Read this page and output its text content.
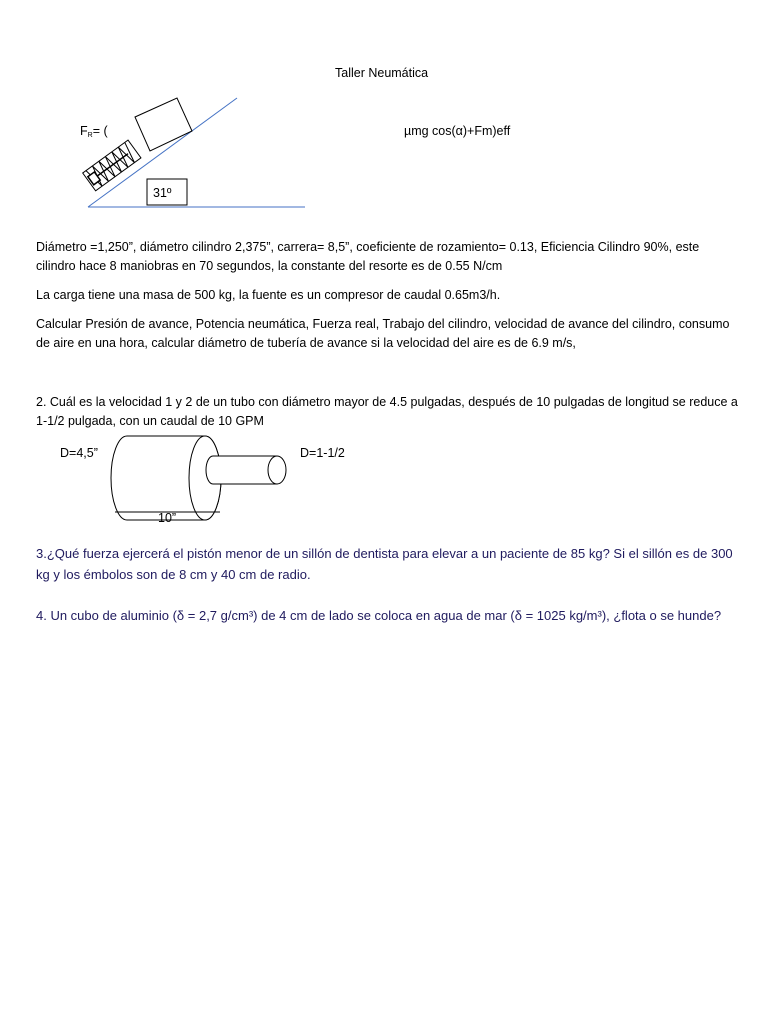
Taller Neumática
31º
$F_R=$ (	µmg cos(α)+Fm)eff
Diámetro =1,250”, diámetro cilindro 2,375”, carrera= 8,5”, coeficiente de rozamiento= 0.13, Eficiencia Cilindro 90%, este cilindro hace 8 maniobras en 70 segundos, la constante del resorte es de 0.55 N/cm
La carga tiene una masa de 500 kg, la fuente es un compresor de caudal 0.65m3/h.
Calcular Presión de avance, Potencia neumática, Fuerza real, Trabajo del cilindro, velocidad de avance del cilindro, consumo de aire en una hora, calcular diámetro de tubería de avance si la velocidad del aire es de 6.9 m/s,
2. Cuál es la velocidad 1 y 2 de un tubo con diámetro mayor de 4.5 pulgadas, después de 10 pulgadas de longitud se reduce a 1-1/2 pulgada, con un caudal de 10 GPM
D=4,5”	D=1-1/2
10”
3.¿Qué fuerza ejercerá el pistón menor de un sillón de dentista para elevar a un paciente de 85 kg? Si el sillón es de 300 kg y los émbolos son de 8 cm y 40 cm de radio.
4. Un cubo de aluminio (δ = 2,7 g/cm³) de 4 cm de lado se coloca en agua de mar (δ = 1025 kg/m³), ¿flota o se hunde?
